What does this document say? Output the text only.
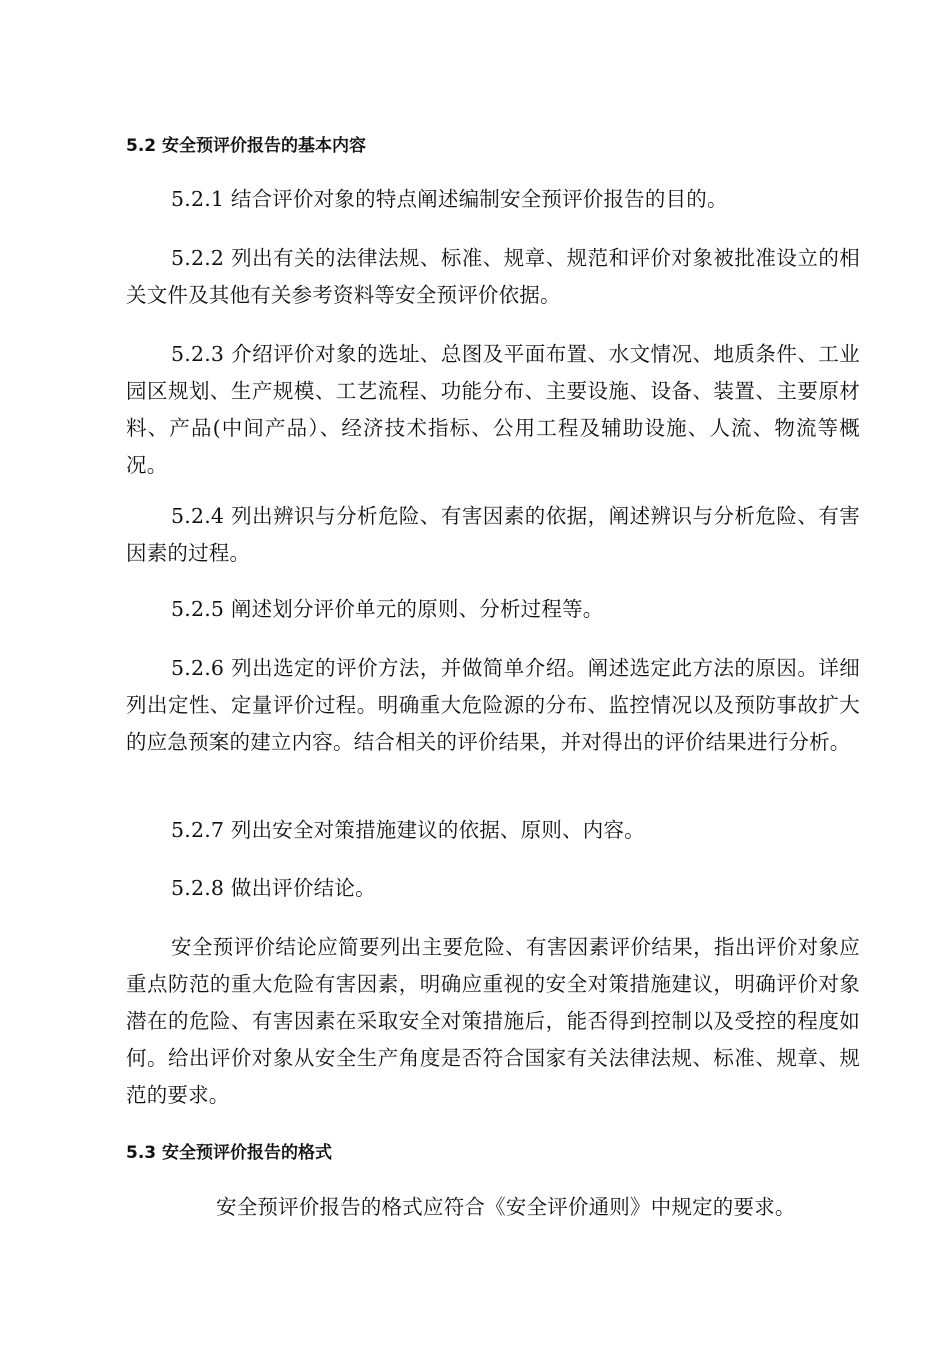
5.2 安全预评价报告的基本内容

5.2.1 结合评价对象的特点阐述编制安全预评价报告的目的。

5.2.2 列出有关的法律法规、标准、规章、规范和评价对象被批准设立的相关文件及其他有关参考资料等安全预评价依据。

5.2.3 介绍评价对象的选址、总图及平面布置、水文情况、地质条件、工业园区规划、生产规模、工艺流程、功能分布、主要设施、设备、装置、主要原材料、产品(中间产品）、经济技术指标、公用工程及辅助设施、人流、物流等概况。

5.2.4 列出辨识与分析危险、有害因素的依据，阐述辨识与分析危险、有害因素的过程。

5.2.5 阐述划分评价单元的原则、分析过程等。

5.2.6 列出选定的评价方法，并做简单介绍。阐述选定此方法的原因。详细列出定性、定量评价过程。明确重大危险源的分布、监控情况以及预防事故扩大的应急预案的建立内容。结合相关的评价结果，并对得出的评价结果进行分析。

5.2.7 列出安全对策措施建议的依据、原则、内容。

5.2.8 做出评价结论。

安全预评价结论应简要列出主要危险、有害因素评价结果，指出评价对象应重点防范的重大危险有害因素，明确应重视的安全对策措施建议，明确评价对象潜在的危险、有害因素在采取安全对策措施后，能否得到控制以及受控的程度如何。给出评价对象从安全生产角度是否符合国家有关法律法规、标准、规章、规范的要求。

5.3 安全预评价报告的格式

安全预评价报告的格式应符合《安全评价通则》中规定的要求。
